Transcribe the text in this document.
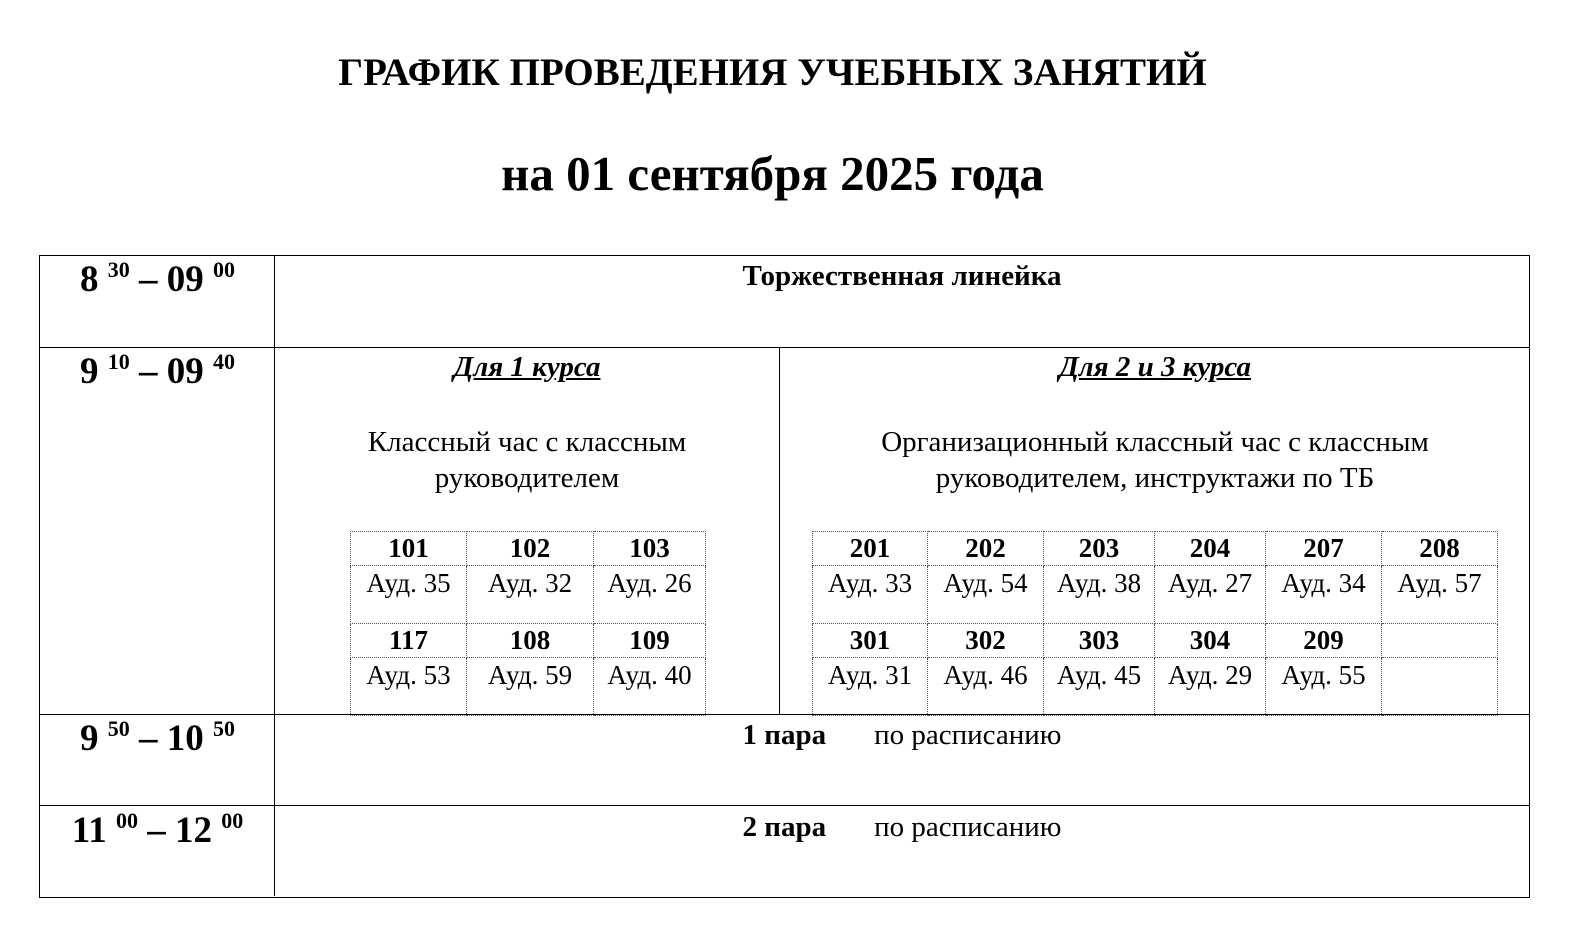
ГРАФИК ПРОВЕДЕНИЯ УЧЕБНЫХ ЗАНЯТИЙ
на 01 сентября 2025 года
8 $^{30}$ – 09 $^{00}$	Торжественная линейка
9 $^{10}$ – 09 $^{40}$	Для 1 курса
Классный час с классным руководителем
101	102	103
Ауд. 35	Ауд. 32	Ауд. 26
117	108	109
Ауд. 53	Ауд. 59	Ауд. 40
Для 2 и 3 курса
Организационный классный час с классным руководителем, инструктажи по ТБ
201	202	203	204	207	208
Ауд. 33	Ауд. 54	Ауд. 38	Ауд. 27	Ауд. 34	Ауд. 57
301	302	303	304	209	
Ауд. 31	Ауд. 46	Ауд. 45	Ауд. 29	Ауд. 55	
9 $^{50}$ – 10 $^{50}$	1 пара по расписанию
11 $^{00}$ – 12 $^{00}$	2 пара по расписанию
